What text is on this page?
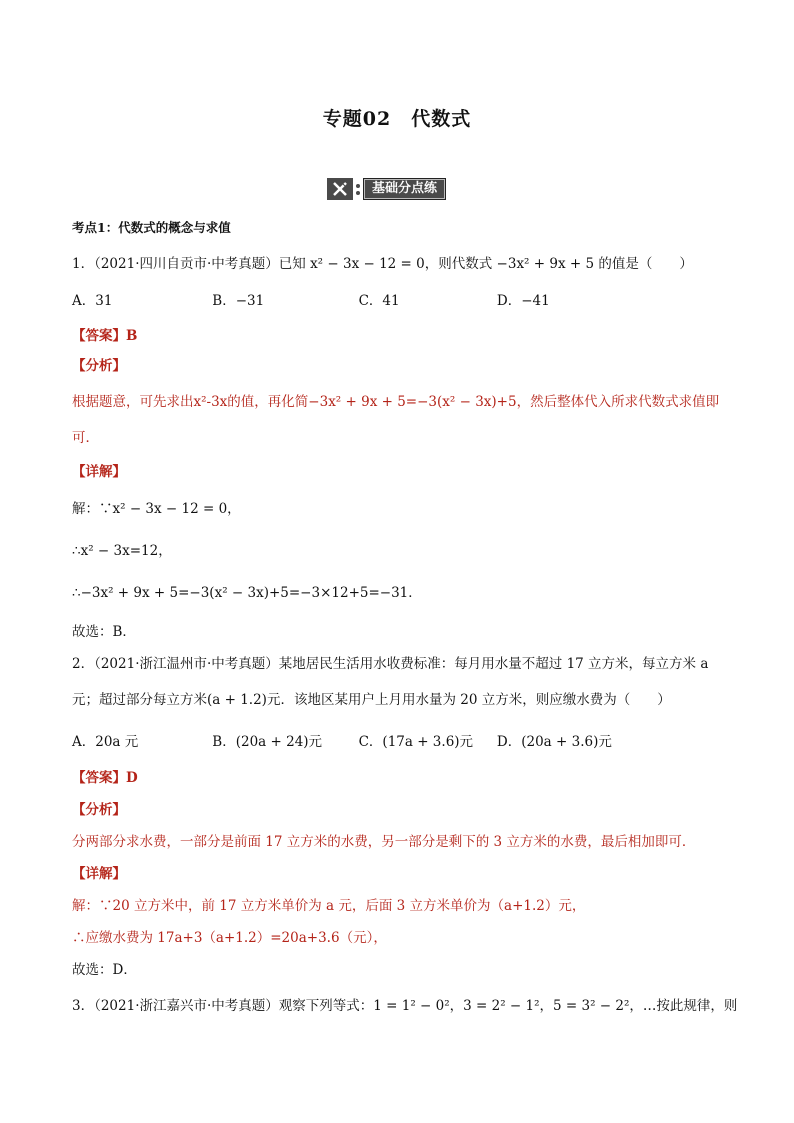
专题02　代数式
基础分点练
考点1：代数式的概念与求值
1．（2021·四川自贡市·中考真题）已知 x² − 3x − 12 = 0，则代数式 −3x² + 9x + 5 的值是（　　）
A．31	B．−31	C．41	D．−41
【答案】B
【分析】
根据题意，可先求出x²-3x的值，再化简−3x² + 9x + 5=−3(x² − 3x)+5，然后整体代入所求代数式求值即
可．
【详解】
解：∵x² − 3x − 12 = 0，
∴x² − 3x=12，
∴−3x² + 9x + 5=−3(x² − 3x)+5=−3×12+5=−31．
故选：B．
2．（2021·浙江温州市·中考真题）某地居民生活用水收费标准：每月用水量不超过 17 立方米，每立方米 a
元；超过部分每立方米(a + 1.2)元．该地区某用户上月用水量为 20 立方米，则应缴水费为（　　）
A．20a 元	B．(20a + 24)元	C．(17a + 3.6)元 D．(20a + 3.6)元
【答案】D
【分析】
分两部分求水费，一部分是前面 17 立方米的水费，另一部分是剩下的 3 立方米的水费，最后相加即可．
【详解】
解：∵20 立方米中，前 17 立方米单价为 a 元，后面 3 立方米单价为（a+1.2）元，
∴应缴水费为 17a+3（a+1.2）=20a+3.6（元），
故选：D．
3．（2021·浙江嘉兴市·中考真题）观察下列等式：1 = 1² − 0²，3 = 2² − 1²，5 = 3² − 2²，…按此规律，则
